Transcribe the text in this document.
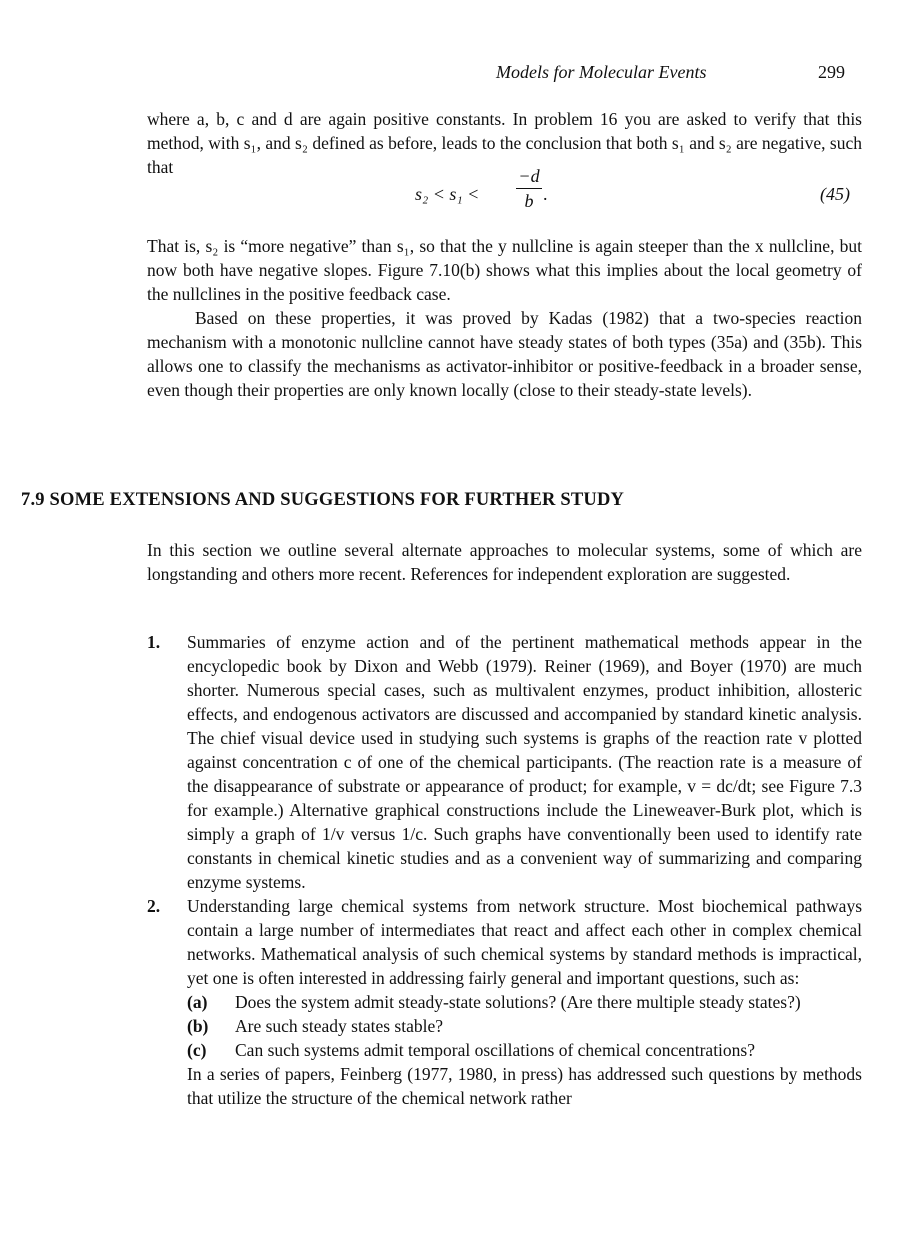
Models for Molecular Events	299

where a, b, c and d are again positive constants. In problem 16 you are asked to verify that this method, with s₁, and s₂ defined as before, leads to the conclusion that both s₁ and s₂ are negative, such that

s₂ < s₁ <
−d
b .	(45)

That is, s₂ is “more negative” than s₁, so that the y nullcline is again steeper than the x nullcline, but now both have negative slopes. Figure 7.10(b) shows what this implies about the local geometry of the nullclines in the positive feedback case.

Based on these properties, it was proved by Kadas (1982) that a two-species reaction mechanism with a monotonic nullcline cannot have steady states of both types (35a) and (35b). This allows one to classify the mechanisms as activator-inhibitor or positive-feedback in a broader sense, even though their properties are only known locally (close to their steady-state levels).

7.9 SOME EXTENSIONS AND SUGGESTIONS FOR FURTHER STUDY

In this section we outline several alternate approaches to molecular systems, some of which are longstanding and others more recent. References for independent exploration are suggested.

1. Summaries of enzyme action and of the pertinent mathematical methods appear in the encyclopedic book by Dixon and Webb (1979). Reiner (1969), and Boyer (1970) are much shorter. Numerous special cases, such as multivalent enzymes, product inhibition, allosteric effects, and endogenous activators are discussed and accompanied by standard kinetic analysis. The chief visual device used in studying such systems is graphs of the reaction rate v plotted against concentration c of one of the chemical participants. (The reaction rate is a measure of the disappearance of substrate or appearance of product; for example, v = dc/dt; see Figure 7.3 for example.) Alternative graphical constructions include the Lineweaver-Burk plot, which is simply a graph of 1/v versus 1/c. Such graphs have conventionally been used to identify rate constants in chemical kinetic studies and as a convenient way of summarizing and comparing enzyme systems.
2. Understanding large chemical systems from network structure. Most biochemical pathways contain a large number of intermediates that react and affect each other in complex chemical networks. Mathematical analysis of such chemical systems by standard methods is impractical, yet one is often interested in addressing fairly general and important questions, such as:
(a) Does the system admit steady-state solutions? (Are there multiple steady states?)
(b) Are such steady states stable?
(c) Can such systems admit temporal oscillations of chemical concentrations?

In a series of papers, Feinberg (1977, 1980, in press) has addressed such questions by methods that utilize the structure of the chemical network rather
